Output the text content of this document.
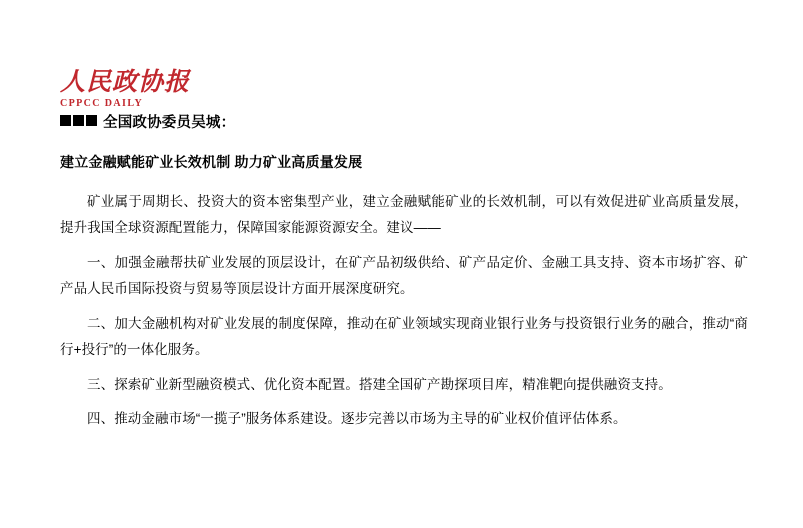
人民政协报
CPPCC DAILY
全国政协委员吴城：
建立金融赋能矿业长效机制 助力矿业高质量发展
矿业属于周期长、投资大的资本密集型产业，建立金融赋能矿业的长效机制，可以有效促进矿业高质量发展，提升我国全球资源配置能力，保障国家能源资源安全。建议——
一、加强金融帮扶矿业发展的顶层设计，在矿产品初级供给、矿产品定价、金融工具支持、资本市场扩容、矿产品人民币国际投资与贸易等顶层设计方面开展深度研究。
二、加大金融机构对矿业发展的制度保障，推动在矿业领域实现商业银行业务与投资银行业务的融合，推动“商行+投行”的一体化服务。
三、探索矿业新型融资模式、优化资本配置。搭建全国矿产勘探项目库，精准靶向提供融资支持。
四、推动金融市场“一揽子”服务体系建设。逐步完善以市场为主导的矿业权价值评估体系。
